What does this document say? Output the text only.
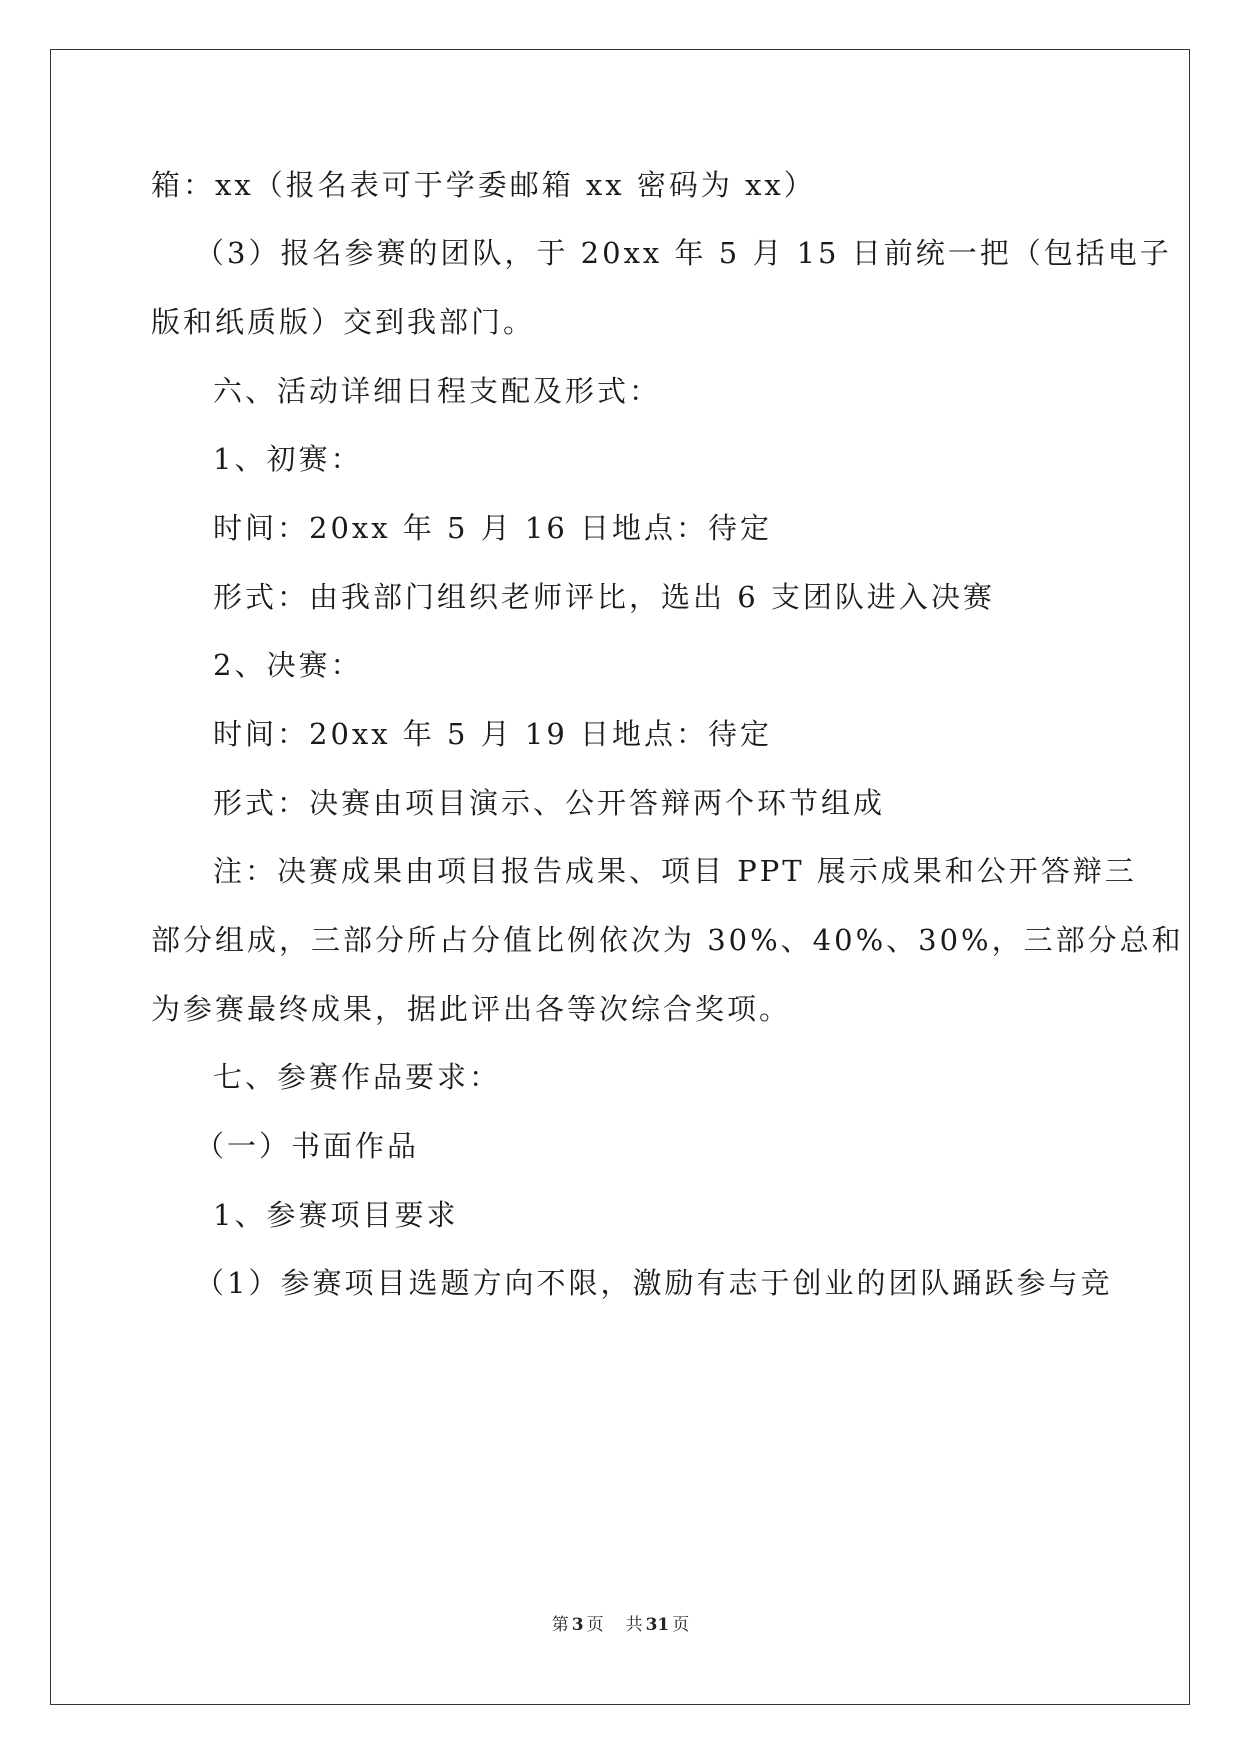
箱：xx（报名表可于学委邮箱 xx 密码为 xx）
（3）报名参赛的团队，于 20xx 年 5 月 15 日前统一把（包括电子
版和纸质版）交到我部门。
六、活动详细日程支配及形式：
1、初赛：
时间：20xx 年 5 月 16 日地点：待定
形式：由我部门组织老师评比，选出 6 支团队进入决赛
2、决赛：
时间：20xx 年 5 月 19 日地点：待定
形式：决赛由项目演示、公开答辩两个环节组成
注：决赛成果由项目报告成果、项目 PPT 展示成果和公开答辩三
部分组成，三部分所占分值比例依次为 30%、40%、30%，三部分总和
为参赛最终成果，据此评出各等次综合奖项。
七、参赛作品要求：
（一）书面作品
1、参赛项目要求
（1）参赛项目选题方向不限，激励有志于创业的团队踊跃参与竞
第 3 页 共 31 页
